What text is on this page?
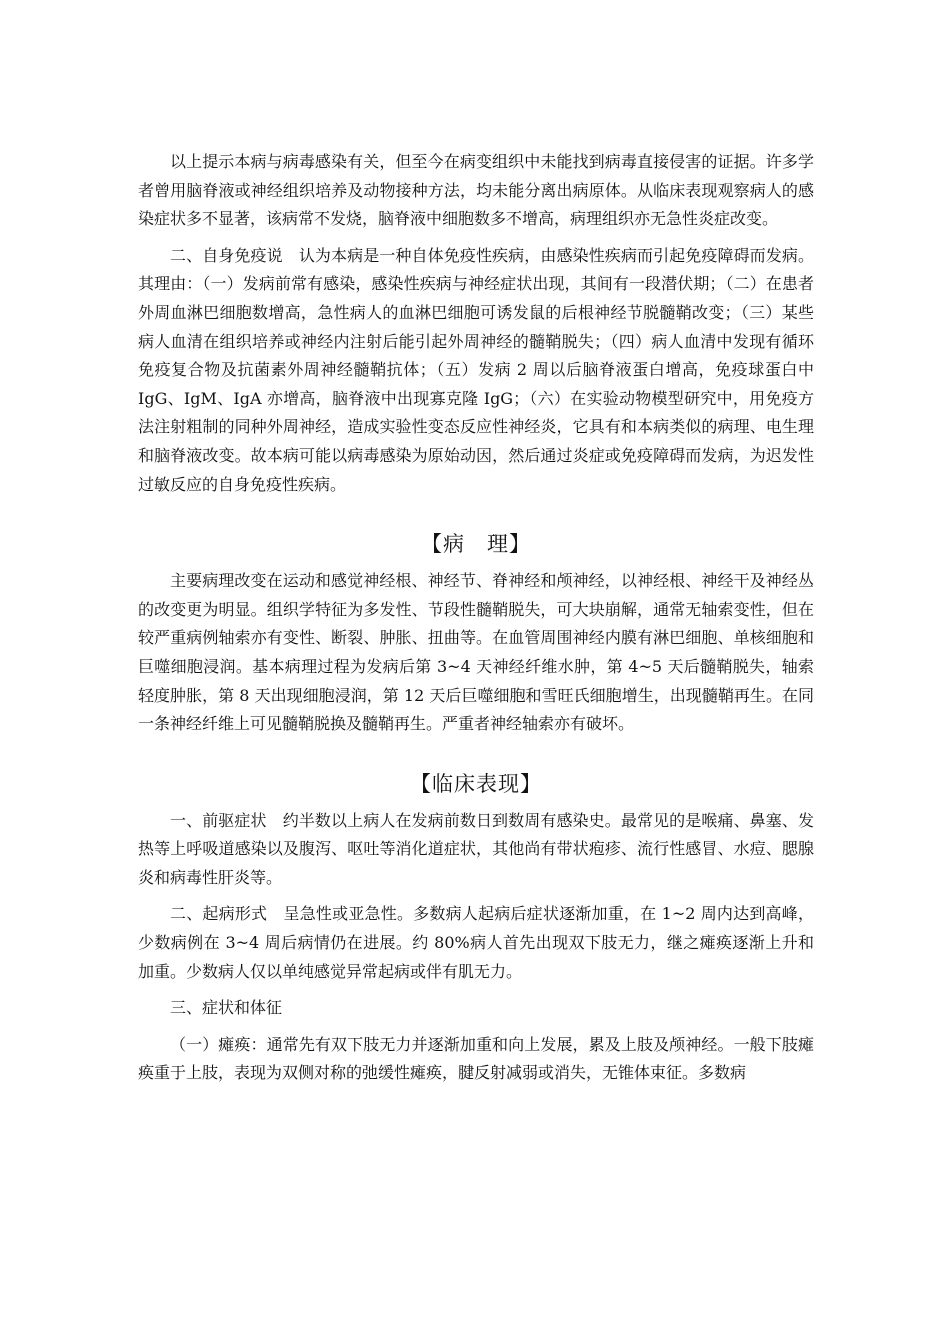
以上提示本病与病毒感染有关，但至今在病变组织中未能找到病毒直接侵害的证据。许多学者曾用脑脊液或神经组织培养及动物接种方法，均未能分离出病原体。从临床表现观察病人的感染症状多不显著，该病常不发烧，脑脊液中细胞数多不增高，病理组织亦无急性炎症改变。

二、自身免疫说　认为本病是一种自体免疫性疾病，由感染性疾病而引起免疫障碍而发病。其理由：（一）发病前常有感染，感染性疾病与神经症状出现，其间有一段潜伏期；（二）在患者外周血淋巴细胞数增高，急性病人的血淋巴细胞可诱发鼠的后根神经节脱髓鞘改变；（三）某些病人血清在组织培养或神经内注射后能引起外周神经的髓鞘脱失；（四）病人血清中发现有循环免疫复合物及抗菌素外周神经髓鞘抗体；（五）发病 2 周以后脑脊液蛋白增高，免疫球蛋白中 IgG、IgM、IgA 亦增高，脑脊液中出现寡克隆 IgG；（六）在实验动物模型研究中，用免疫方法注射粗制的同种外周神经，造成实验性变态反应性神经炎，它具有和本病类似的病理、电生理和脑脊液改变。故本病可能以病毒感染为原始动因，然后通过炎症或免疫障碍而发病，为迟发性过敏反应的自身免疫性疾病。

【病　理】

主要病理改变在运动和感觉神经根、神经节、脊神经和颅神经，以神经根、神经干及神经丛的改变更为明显。组织学特征为多发性、节段性髓鞘脱失，可大块崩解，通常无轴索变性，但在较严重病例轴索亦有变性、断裂、肿胀、扭曲等。在血管周围神经内膜有淋巴细胞、单核细胞和巨噬细胞浸润。基本病理过程为发病后第 3~4 天神经纤维水肿，第 4~5 天后髓鞘脱失，轴索轻度肿胀，第 8 天出现细胞浸润，第 12 天后巨噬细胞和雪旺氏细胞增生，出现髓鞘再生。在同一条神经纤维上可见髓鞘脱换及髓鞘再生。严重者神经轴索亦有破坏。

【临床表现】

一、前驱症状　约半数以上病人在发病前数日到数周有感染史。最常见的是喉痛、鼻塞、发热等上呼吸道感染以及腹泻、呕吐等消化道症状，其他尚有带状疱疹、流行性感冒、水痘、腮腺炎和病毒性肝炎等。

二、起病形式　呈急性或亚急性。多数病人起病后症状逐渐加重，在 1~2 周内达到高峰，少数病例在 3~4 周后病情仍在进展。约 80%病人首先出现双下肢无力，继之瘫痪逐渐上升和加重。少数病人仅以单纯感觉异常起病或伴有肌无力。

三、症状和体征

（一）瘫痪：通常先有双下肢无力并逐渐加重和向上发展，累及上肢及颅神经。一般下肢瘫痪重于上肢，表现为双侧对称的弛缓性瘫痪，腱反射减弱或消失，无锥体束征。多数病
